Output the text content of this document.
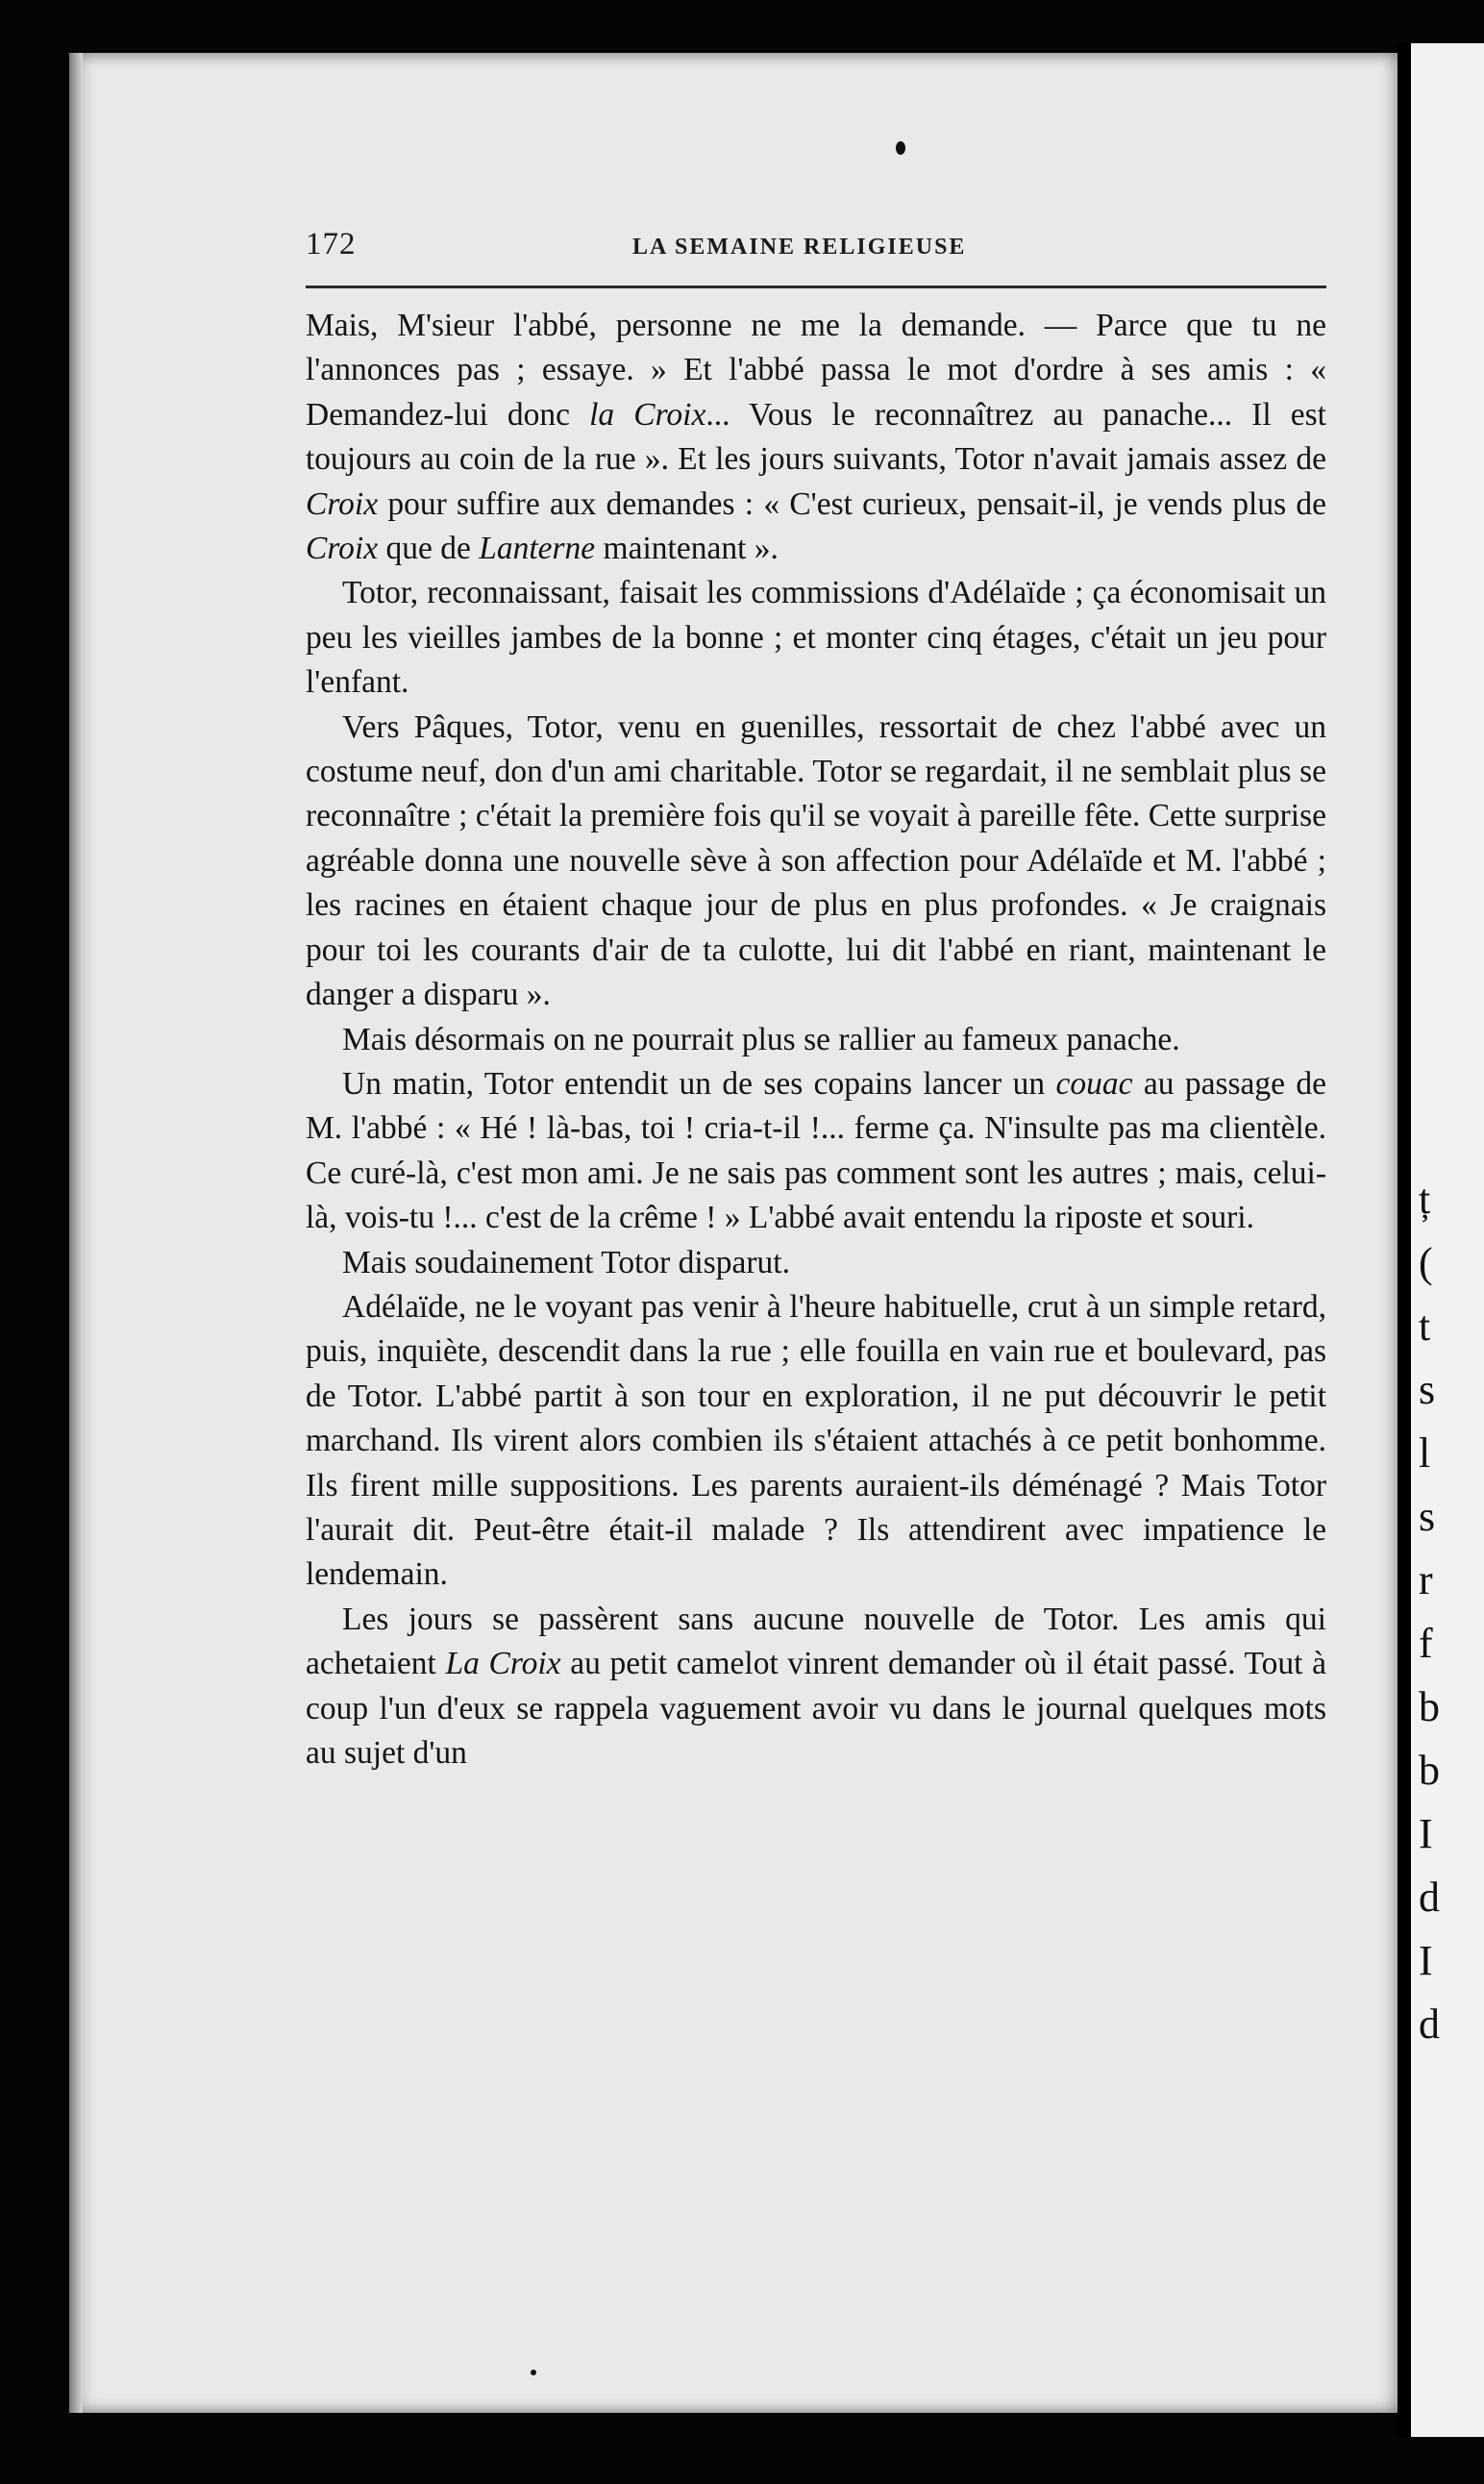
ț
(
t
s
l
s
r
f
b
b
I
d
I
d
172	LA SEMAINE RELIGIEUSE

Mais, M'sieur l'abbé, personne ne me la demande. — Parce que tu ne l'annonces pas ; essaye. » Et l'abbé passa le mot d'ordre à ses amis : « Demandez-lui donc la Croix... Vous le reconnaîtrez au panache... Il est toujours au coin de la rue ». Et les jours suivants, Totor n'avait jamais assez de Croix pour suffire aux demandes : « C'est curieux, pensait-il, je vends plus de Croix que de Lanterne maintenant ».

Totor, reconnaissant, faisait les commissions d'Adélaïde ; ça économisait un peu les vieilles jambes de la bonne ; et monter cinq étages, c'était un jeu pour l'enfant.

Vers Pâques, Totor, venu en guenilles, ressortait de chez l'abbé avec un costume neuf, don d'un ami charitable. Totor se regardait, il ne semblait plus se reconnaître ; c'était la première fois qu'il se voyait à pareille fête. Cette surprise agréable donna une nouvelle sève à son affection pour Adélaïde et M. l'abbé ; les racines en étaient chaque jour de plus en plus profondes. « Je craignais pour toi les courants d'air de ta culotte, lui dit l'abbé en riant, maintenant le danger a disparu ».

Mais désormais on ne pourrait plus se rallier au fameux panache.

Un matin, Totor entendit un de ses copains lancer un couac au passage de M. l'abbé : « Hé ! là-bas, toi ! cria-t-il !... ferme ça. N'insulte pas ma clientèle. Ce curé-là, c'est mon ami. Je ne sais pas comment sont les autres ; mais, celui-là, vois-tu !... c'est de la crême ! » L'abbé avait entendu la riposte et souri.

Mais soudainement Totor disparut.

Adélaïde, ne le voyant pas venir à l'heure habituelle, crut à un simple retard, puis, inquiète, descendit dans la rue ; elle fouilla en vain rue et boulevard, pas de Totor. L'abbé partit à son tour en exploration, il ne put découvrir le petit marchand. Ils virent alors combien ils s'étaient attachés à ce petit bonhomme. Ils firent mille suppositions. Les parents auraient-ils déménagé ? Mais Totor l'aurait dit. Peut-être était-il malade ? Ils attendirent avec impatience le lendemain.

Les jours se passèrent sans aucune nouvelle de Totor. Les amis qui achetaient La Croix au petit camelot vinrent demander où il était passé. Tout à coup l'un d'eux se rappela vaguement avoir vu dans le journal quelques mots au sujet d'un
